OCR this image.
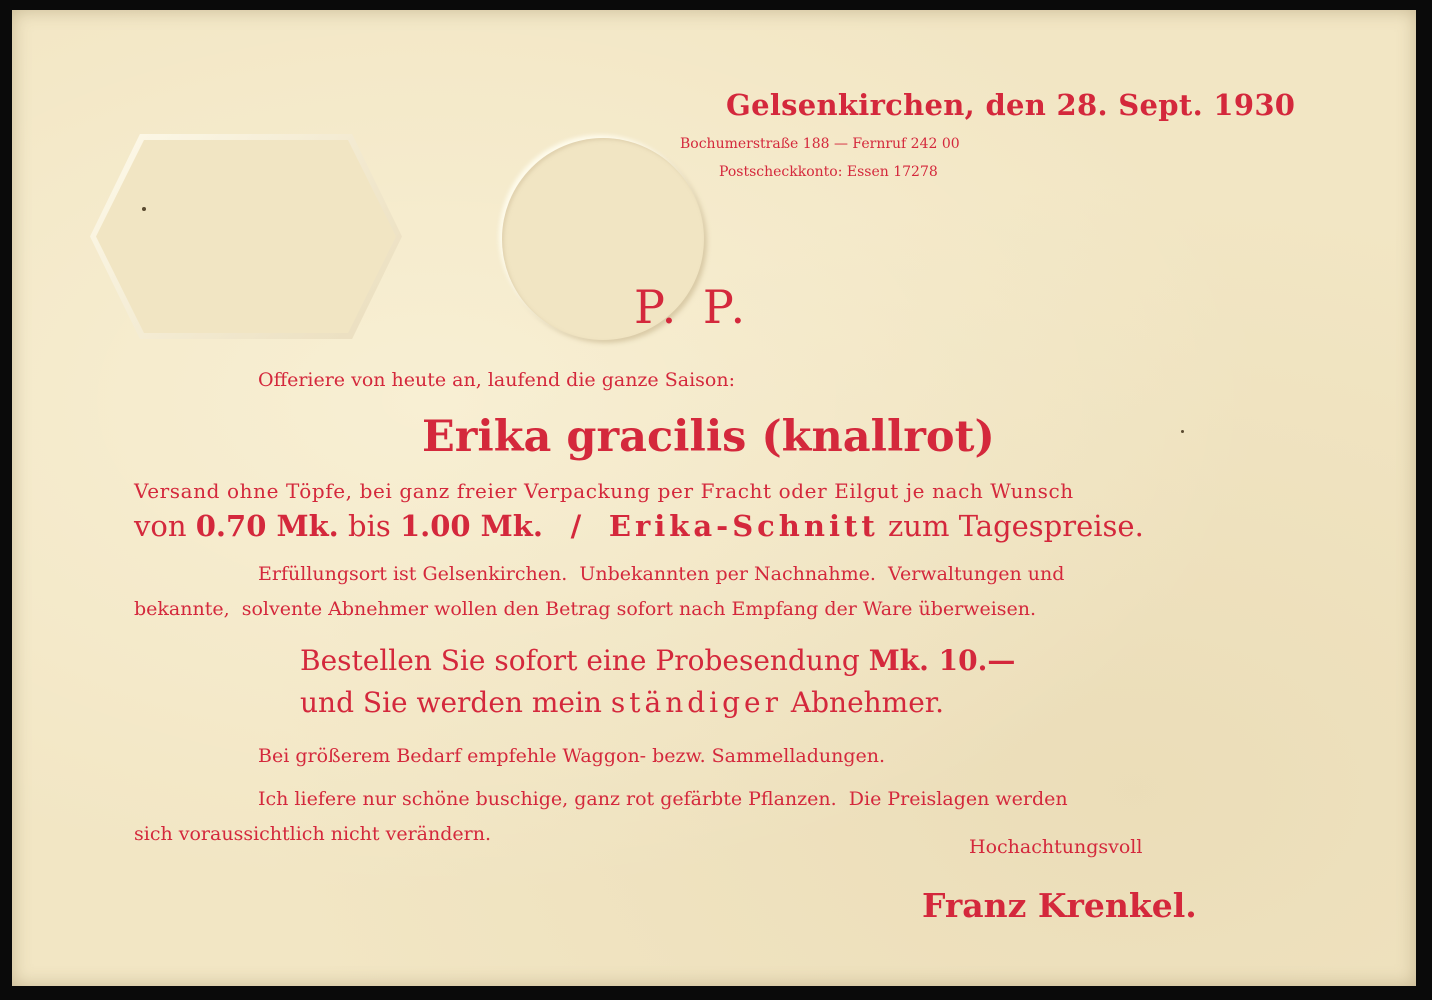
Gelsenkirchen, den 28. Sept. 1930
Bochumerstraße 188 — Fernruf 242 00
Postscheckkonto: Essen 17278
P. P.
Offeriere von heute an, laufend die ganze Saison:
Erika gracilis (knallrot)
Versand ohne Töpfe, bei ganz freier Verpackung per Fracht oder Eilgut je nach Wunsch
von 0.70 Mk. bis 1.00 Mk. / Erika-Schnitt zum Tagespreise.
Erfüllungsort ist Gelsenkirchen.  Unbekannten per Nachnahme.  Verwaltungen und
bekannte,  solvente Abnehmer wollen den Betrag sofort nach Empfang der Ware überweisen.
Bestellen Sie sofort eine Probesendung Mk. 10.—
und Sie werden mein ständiger Abnehmer.
Bei größerem Bedarf empfehle Waggon- bezw. Sammelladungen.
Ich liefere nur schöne buschige, ganz rot gefärbte Pflanzen.  Die Preislagen werden
sich voraussichtlich nicht verändern.
Hochachtungsvoll
Franz Krenkel.
